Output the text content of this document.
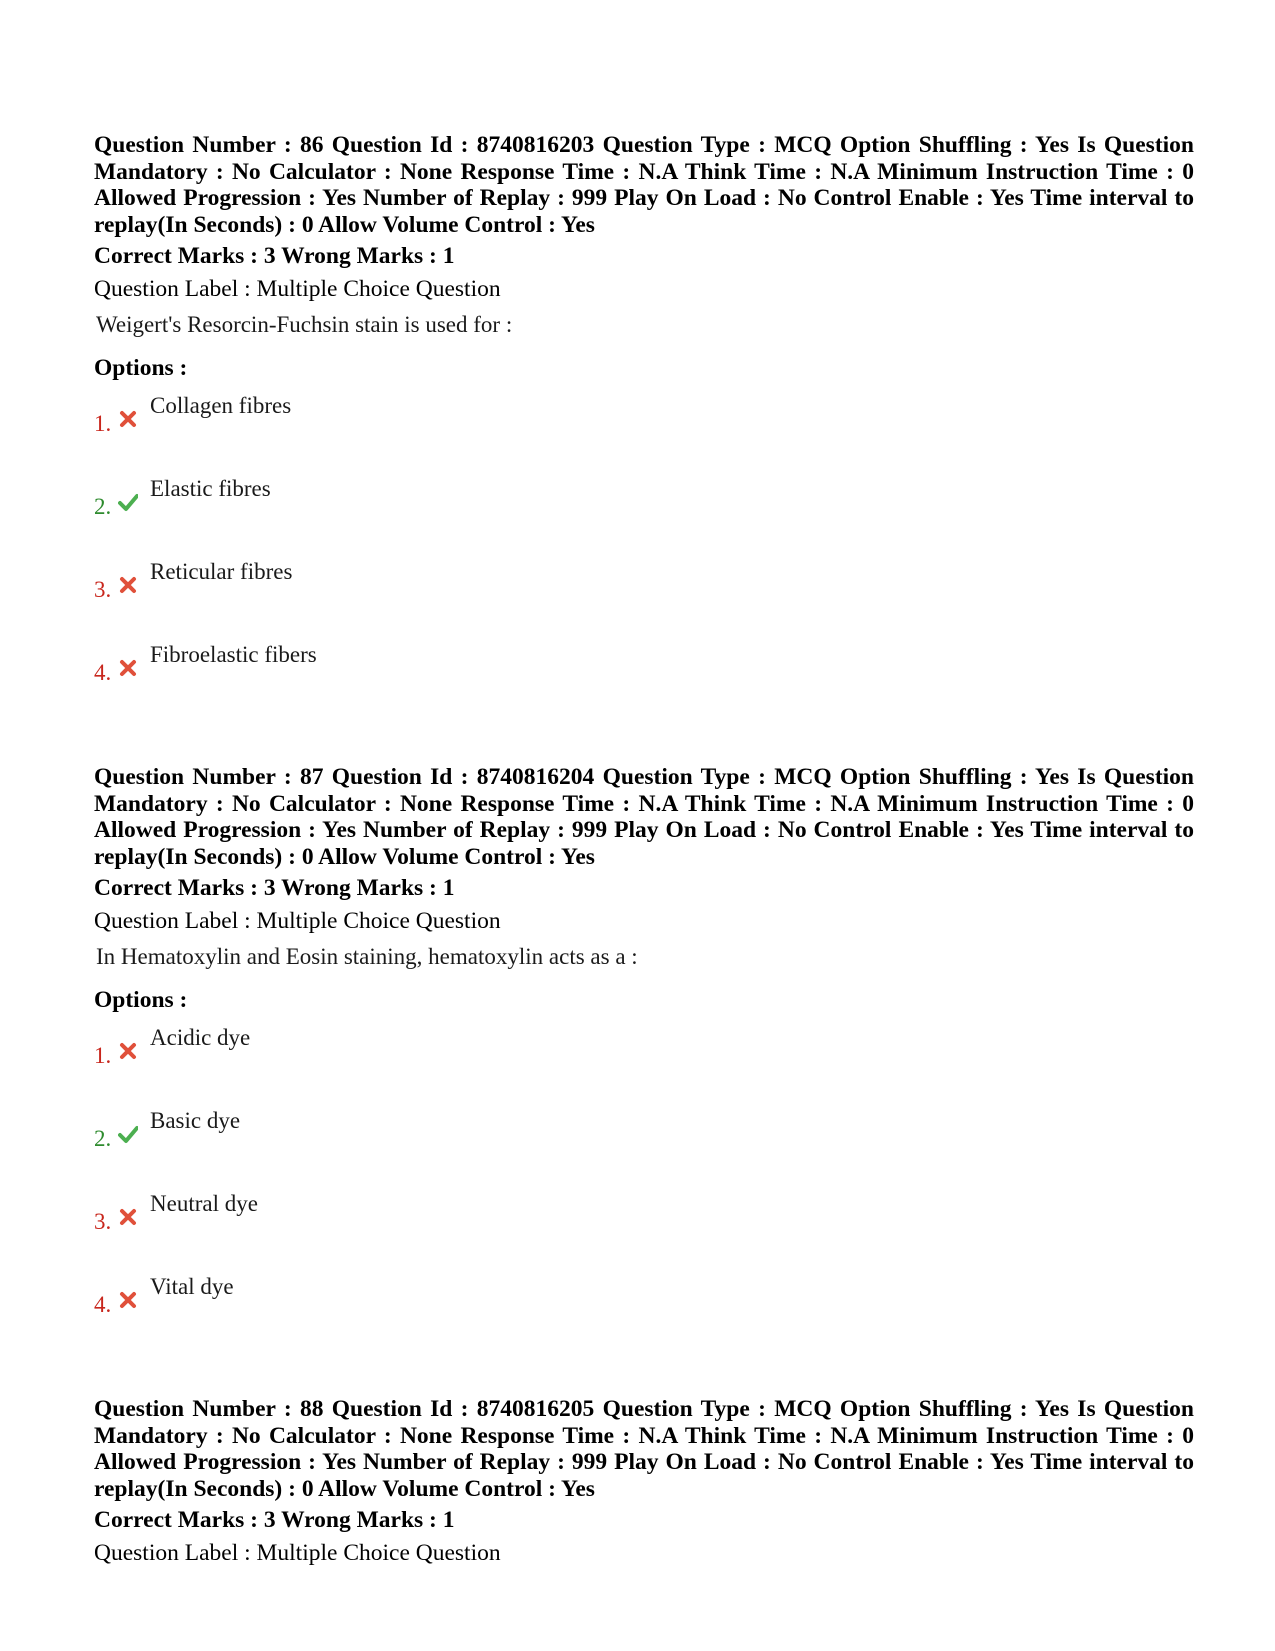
Question Number : 86 Question Id : 8740816203 Question Type : MCQ Option Shuffling : Yes Is Question Mandatory : No Calculator : None Response Time : N.A Think Time : N.A Minimum Instruction Time : 0 Allowed Progression : Yes Number of Replay : 999 Play On Load : No Control Enable : Yes Time interval to replay(In Seconds) : 0 Allow Volume Control : Yes

Correct Marks : 3 Wrong Marks : 1

Question Label : Multiple Choice Question

Weigert's Resorcin-Fuchsin stain is used for :

Options :

1.
Collagen fibres
2.
Elastic fibres
3.
Reticular fibres
4.
Fibroelastic fibers

Question Number : 87 Question Id : 8740816204 Question Type : MCQ Option Shuffling : Yes Is Question Mandatory : No Calculator : None Response Time : N.A Think Time : N.A Minimum Instruction Time : 0 Allowed Progression : Yes Number of Replay : 999 Play On Load : No Control Enable : Yes Time interval to replay(In Seconds) : 0 Allow Volume Control : Yes

Correct Marks : 3 Wrong Marks : 1

Question Label : Multiple Choice Question

In Hematoxylin and Eosin staining, hematoxylin acts as a :

Options :

1.
Acidic dye
2.
Basic dye
3.
Neutral dye
4.
Vital dye

Question Number : 88 Question Id : 8740816205 Question Type : MCQ Option Shuffling : Yes Is Question Mandatory : No Calculator : None Response Time : N.A Think Time : N.A Minimum Instruction Time : 0 Allowed Progression : Yes Number of Replay : 999 Play On Load : No Control Enable : Yes Time interval to replay(In Seconds) : 0 Allow Volume Control : Yes

Correct Marks : 3 Wrong Marks : 1

Question Label : Multiple Choice Question
